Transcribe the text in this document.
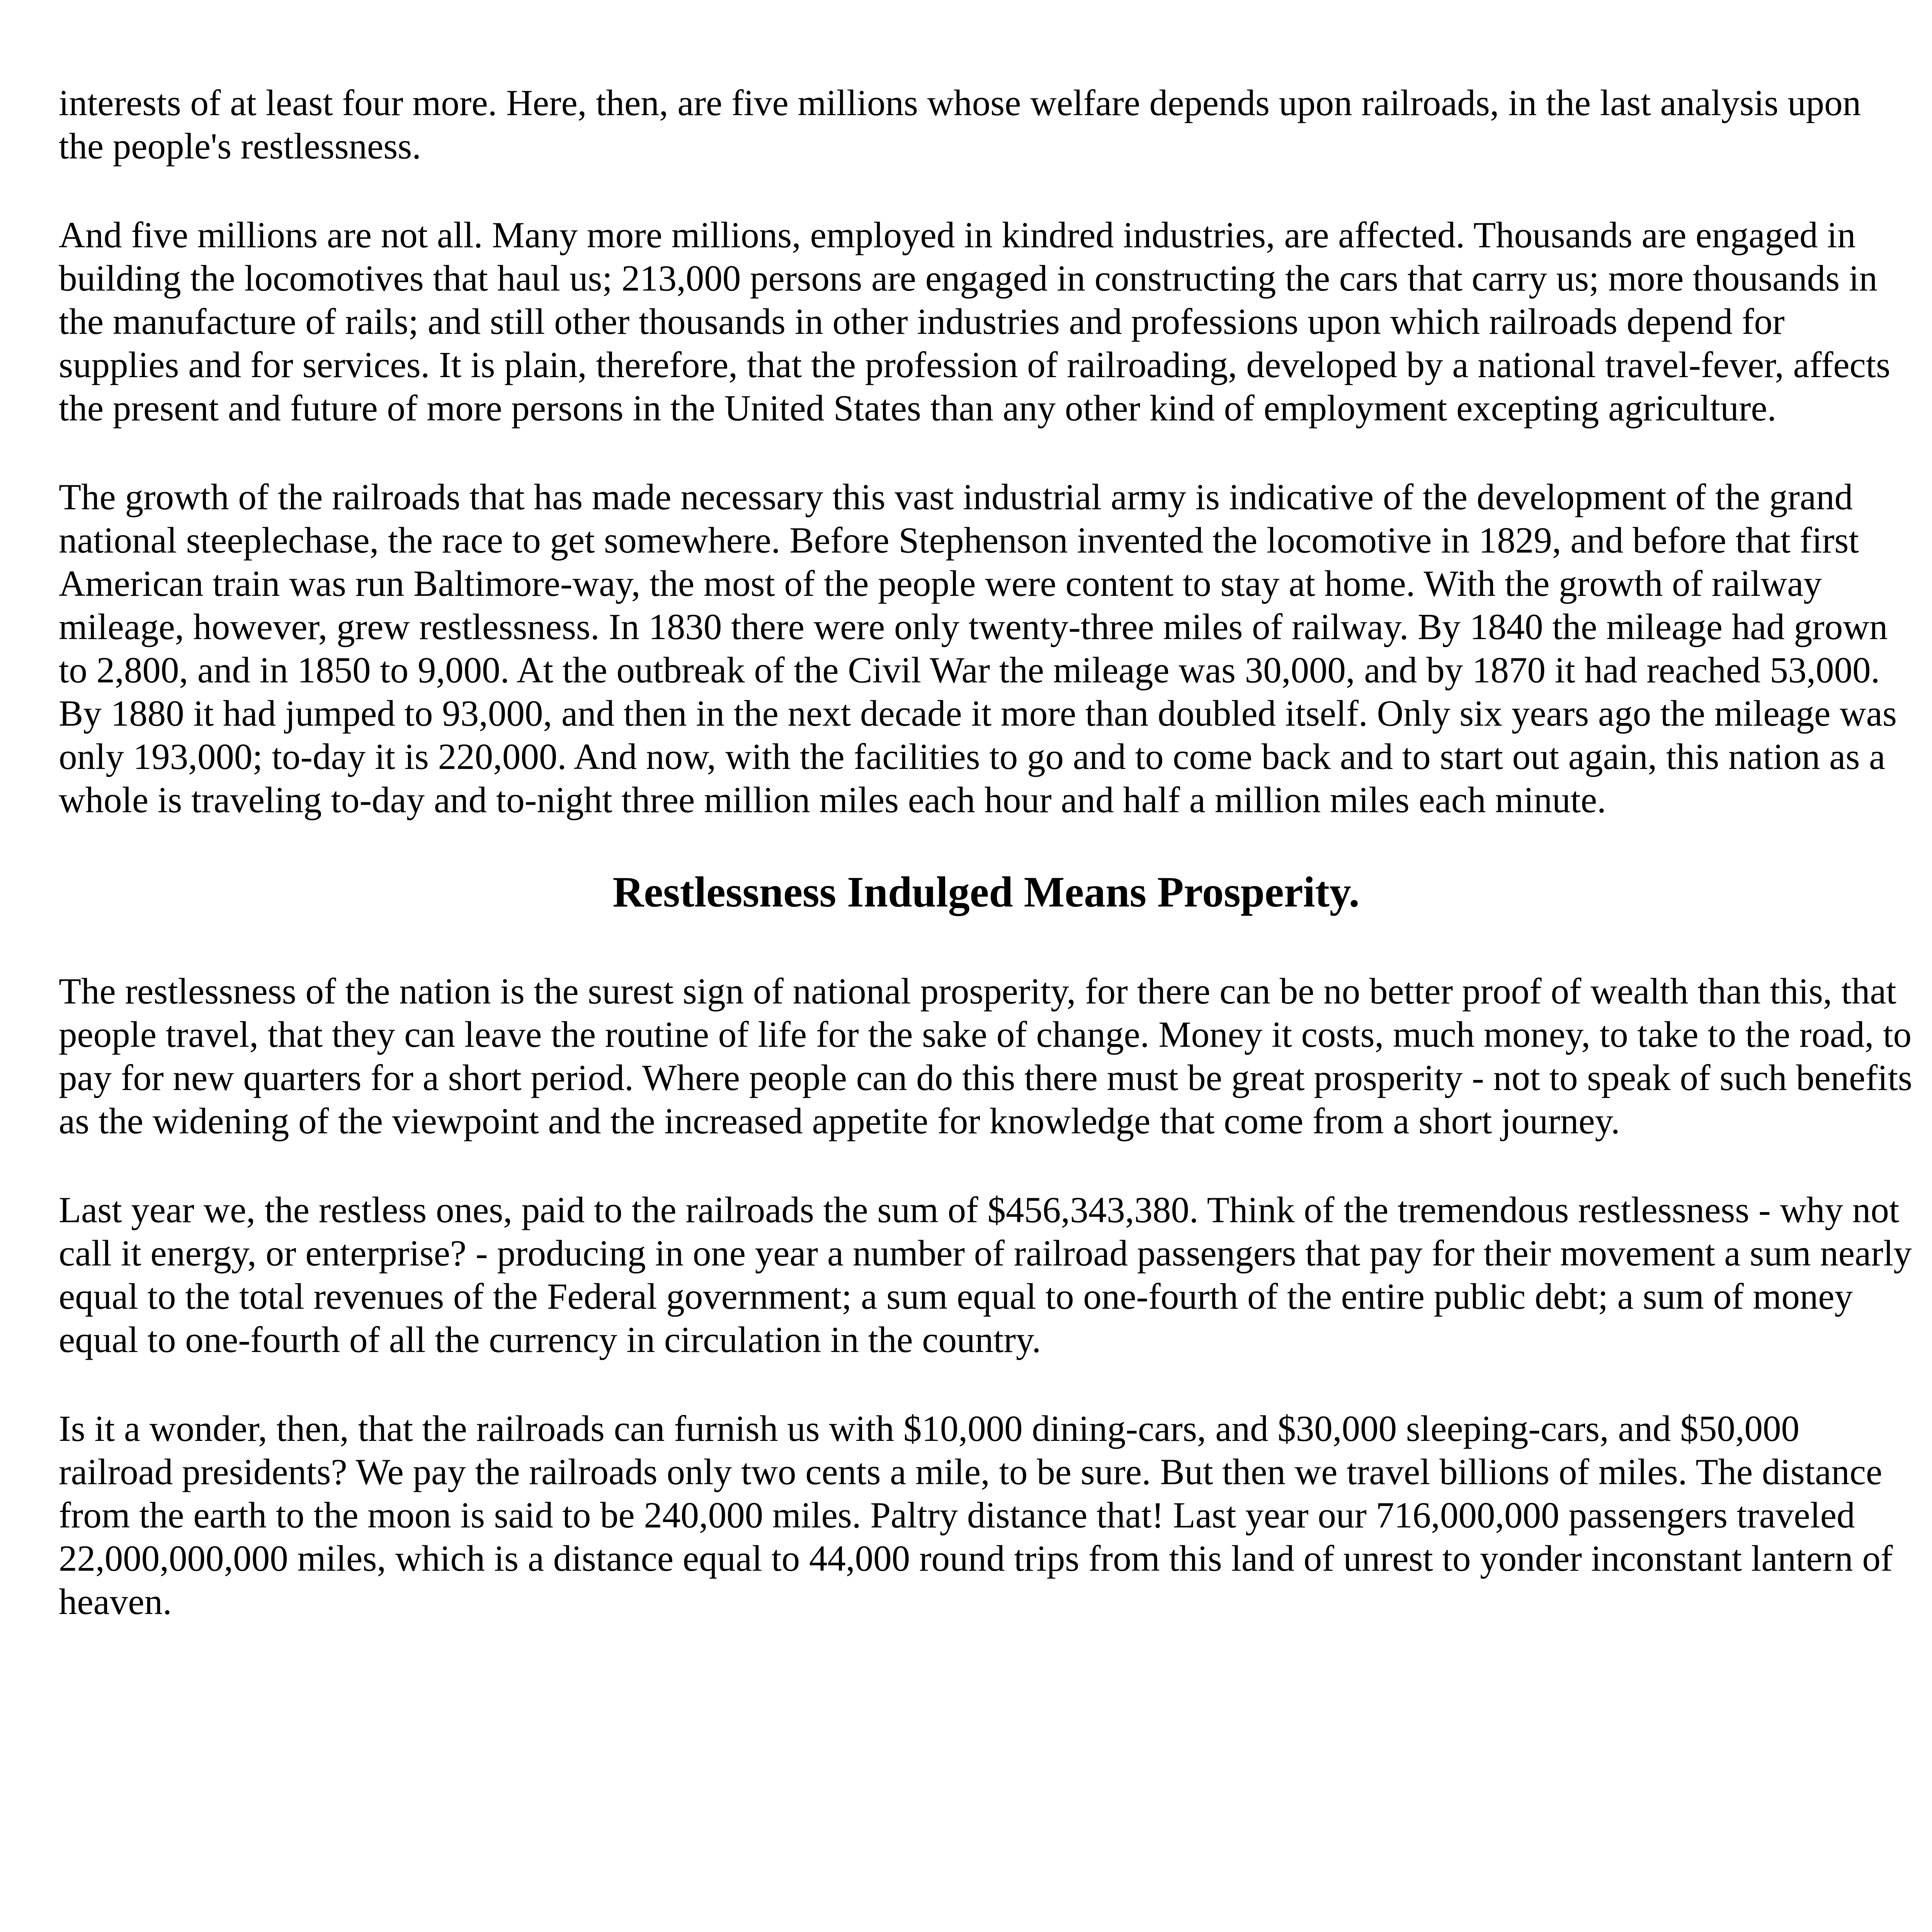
interests of at least four more. Here, then, are five millions whose welfare depends upon railroads, in the last analysis upon the people's restlessness.

And five millions are not all. Many more millions, employed in kindred industries, are affected. Thousands are engaged in building the locomotives that haul us; 213,000 persons are engaged in constructing the cars that carry us; more thousands in the manufacture of rails; and still other thousands in other industries and professions upon which railroads depend for supplies and for services. It is plain, therefore, that the profession of railroading, developed by a national travel-fever, affects the present and future of more persons in the United States than any other kind of employment excepting agriculture.

The growth of the railroads that has made necessary this vast industrial army is indicative of the development of the grand national steeplechase, the race to get somewhere. Before Stephenson invented the locomotive in 1829, and before that first American train was run Baltimore-way, the most of the people were content to stay at home. With the growth of railway mileage, however, grew restlessness. In 1830 there were only twenty-three miles of railway. By 1840 the mileage had grown to 2,800, and in 1850 to 9,000. At the outbreak of the Civil War the mileage was 30,000, and by 1870 it had reached 53,000. By 1880 it had jumped to 93,000, and then in the next decade it more than doubled itself. Only six years ago the mileage was only 193,000; to-day it is 220,000. And now, with the facilities to go and to come back and to start out again, this nation as a whole is traveling to-day and to-night three million miles each hour and half a million miles each minute.

Restlessness Indulged Means Prosperity.

The restlessness of the nation is the surest sign of national prosperity, for there can be no better proof of wealth than this, that people travel, that they can leave the routine of life for the sake of change. Money it costs, much money, to take to the road, to pay for new quarters for a short period. Where people can do this there must be great prosperity - not to speak of such benefits as the widening of the viewpoint and the increased appetite for knowledge that come from a short journey.

Last year we, the restless ones, paid to the railroads the sum of $456,343,380. Think of the tremendous restlessness - why not call it energy, or enterprise? - producing in one year a number of railroad passengers that pay for their movement a sum nearly equal to the total revenues of the Federal government; a sum equal to one-fourth of the entire public debt; a sum of money equal to one-fourth of all the currency in circulation in the country.

Is it a wonder, then, that the railroads can furnish us with $10,000 dining-cars, and $30,000 sleeping-cars, and $50,000 railroad presidents? We pay the railroads only two cents a mile, to be sure. But then we travel billions of miles. The distance from the earth to the moon is said to be 240,000 miles. Paltry distance that! Last year our 716,000,000 passengers traveled 22,000,000,000 miles, which is a distance equal to 44,000 round trips from this land of unrest to yonder inconstant lantern of heaven.
